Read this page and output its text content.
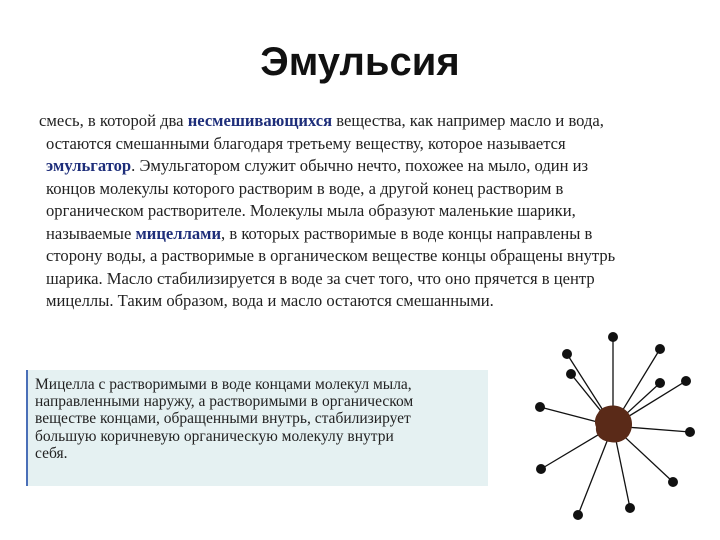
Эмульсия
смесь, в которой два несмешивающихся вещества, как например масло и вода,
остаются смешанными благодаря третьему веществу, которое называется
эмульгатор. Эмульгатором служит обычно нечто, похожее на мыло, один из
концов молекулы которого растворим в воде, а другой конец растворим в
органическом растворителе. Молекулы мыла образуют маленькие шарики,
называемые мицеллами, в которых растворимые в воде концы направлены в
сторону воды, а растворимые в органическом веществе концы обращены внутрь
шарика. Масло стабилизируется в воде за счет того, что оно прячется в центр
мицеллы. Таким образом, вода и масло остаются смешанными.
Мицелла с растворимыми в воде концами молекул мыла,
направленными наружу, а растворимыми в органическом
веществе концами, обращенными внутрь, стабилизирует
большую коричневую органическую молекулу внутри
себя.
